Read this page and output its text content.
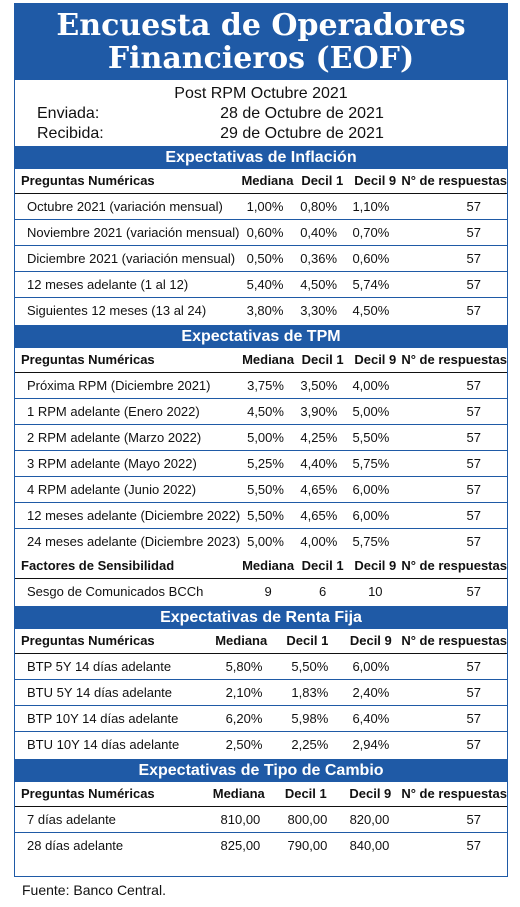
Encuesta de Operadores
Financieros (EOF)
Post RPM Octubre 2021
Enviada:	28 de Octubre de 2021
Recibida:	29 de Octubre de 2021
Expectativas de Inflación
Preguntas Numéricas	Mediana	Decil 1	Decil 9	N° de respuestas
Octubre 2021 (variación mensual)	1,00%	0,80%	1,10%	57
Noviembre 2021 (variación mensual)	0,60%	0,40%	0,70%	57
Diciembre 2021 (variación mensual)	0,50%	0,36%	0,60%	57
12 meses adelante (1 al 12)	5,40%	4,50%	5,74%	57
Siguientes 12 meses (13 al 24)	3,80%	3,30%	4,50%	57
Expectativas de TPM
Preguntas Numéricas	Mediana	Decil 1	Decil 9	N° de respuestas
Próxima RPM (Diciembre 2021)	3,75%	3,50%	4,00%	57
1 RPM adelante (Enero 2022)	4,50%	3,90%	5,00%	57
2 RPM adelante (Marzo 2022)	5,00%	4,25%	5,50%	57
3 RPM adelante (Mayo 2022)	5,25%	4,40%	5,75%	57
4 RPM adelante (Junio 2022)	5,50%	4,65%	6,00%	57
12 meses adelante (Diciembre 2022)	5,50%	4,65%	6,00%	57
24 meses adelante (Diciembre 2023)	5,00%	4,00%	5,75%	57
Factores de Sensibilidad	Mediana	Decil 1	Decil 9	N° de respuestas
Sesgo de Comunicados BCCh	9	6	10	57
Expectativas de Renta Fija
Preguntas Numéricas	Mediana	Decil 1	Decil 9	N° de respuestas
BTP 5Y 14 días adelante	5,80%	5,50%	6,00%	57
BTU 5Y 14 días adelante	2,10%	1,83%	2,40%	57
BTP 10Y 14 días adelante	6,20%	5,98%	6,40%	57
BTU 10Y 14 días adelante	2,50%	2,25%	2,94%	57
Expectativas de Tipo de Cambio
Preguntas Numéricas	Mediana	Decil 1	Decil 9	N° de respuestas
7 días adelante	810,00	800,00	820,00	57
28 días adelante	825,00	790,00	840,00	57
Fuente: Banco Central.
